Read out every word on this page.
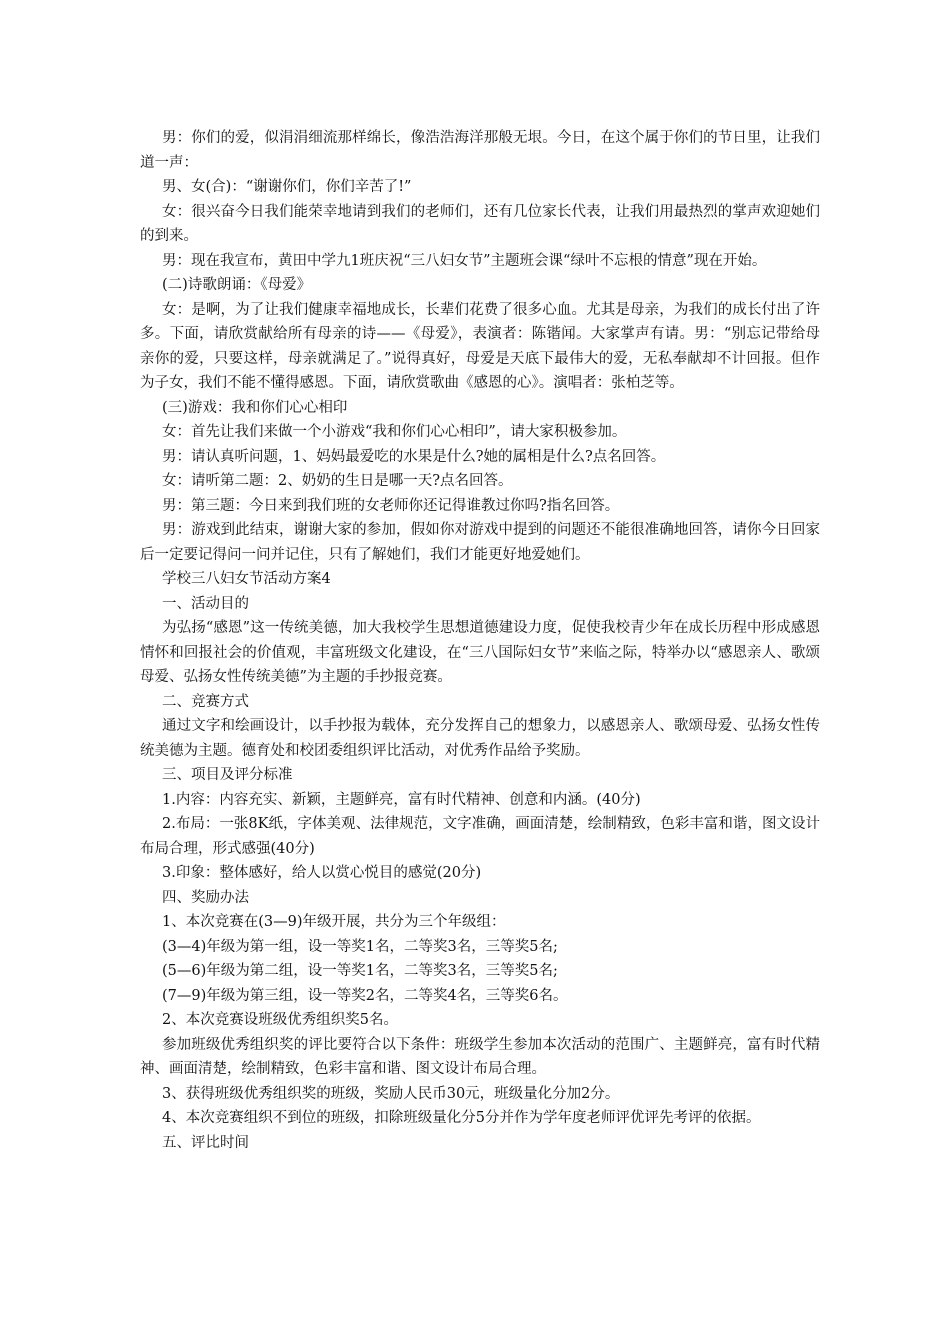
男：你们的爱，似涓涓细流那样绵长，像浩浩海洋那般无垠。今日，在这个属于你们的节日里，让我们道一声：

男、女(合)：“谢谢你们，你们辛苦了!”

女：很兴奋今日我们能荣幸地请到我们的老师们，还有几位家长代表，让我们用最热烈的掌声欢迎她们的到来。

男：现在我宣布，黄田中学九1班庆祝“三八妇女节”主题班会课“绿叶不忘根的情意”现在开始。

(二)诗歌朗诵：《母爱》

女：是啊，为了让我们健康幸福地成长，长辈们花费了很多心血。尤其是母亲，为我们的成长付出了许多。下面，请欣赏献给所有母亲的诗——《母爱》，表演者：陈锴闻。大家掌声有请。男：“别忘记带给母亲你的爱，只要这样，母亲就满足了。”说得真好，母爱是天底下最伟大的爱，无私奉献却不计回报。但作为子女，我们不能不懂得感恩。下面，请欣赏歌曲《感恩的心》。演唱者：张柏芝等。

(三)游戏：我和你们心心相印

女：首先让我们来做一个小游戏“我和你们心心相印”，请大家积极参加。

男：请认真听问题，1、妈妈最爱吃的水果是什么?她的属相是什么?点名回答。

女：请听第二题：2、奶奶的生日是哪一天?点名回答。

男：第三题：今日来到我们班的女老师你还记得谁教过你吗?指名回答。

男：游戏到此结束，谢谢大家的参加，假如你对游戏中提到的问题还不能很准确地回答，请你今日回家后一定要记得问一问并记住，只有了解她们，我们才能更好地爱她们。

学校三八妇女节活动方案4

一、活动目的

为弘扬“感恩”这一传统美德，加大我校学生思想道德建设力度，促使我校青少年在成长历程中形成感恩情怀和回报社会的价值观，丰富班级文化建设，在“三八国际妇女节”来临之际，特举办以“感恩亲人、歌颂母爱、弘扬女性传统美德”为主题的手抄报竞赛。

二、竞赛方式

通过文字和绘画设计，以手抄报为载体，充分发挥自己的想象力，以感恩亲人、歌颂母爱、弘扬女性传统美德为主题。德育处和校团委组织评比活动，对优秀作品给予奖励。

三、项目及评分标准

1.内容：内容充实、新颖，主题鲜亮，富有时代精神、创意和内涵。(40分)

2.布局：一张8K纸，字体美观、法律规范，文字准确，画面清楚，绘制精致，色彩丰富和谐，图文设计布局合理，形式感强(40分)

3.印象：整体感好，给人以赏心悦目的感觉(20分)

四、奖励办法

1、本次竞赛在(3—9)年级开展，共分为三个年级组：

(3—4)年级为第一组，设一等奖1名，二等奖3名，三等奖5名;

(5—6)年级为第二组，设一等奖1名，二等奖3名，三等奖5名;

(7—9)年级为第三组，设一等奖2名，二等奖4名，三等奖6名。

2、本次竞赛设班级优秀组织奖5名。

参加班级优秀组织奖的评比要符合以下条件：班级学生参加本次活动的范围广、主题鲜亮，富有时代精神、画面清楚，绘制精致，色彩丰富和谐、图文设计布局合理。

3、获得班级优秀组织奖的班级，奖励人民币30元，班级量化分加2分。

4、本次竞赛组织不到位的班级，扣除班级量化分5分并作为学年度老师评优评先考评的依据。

五、评比时间
